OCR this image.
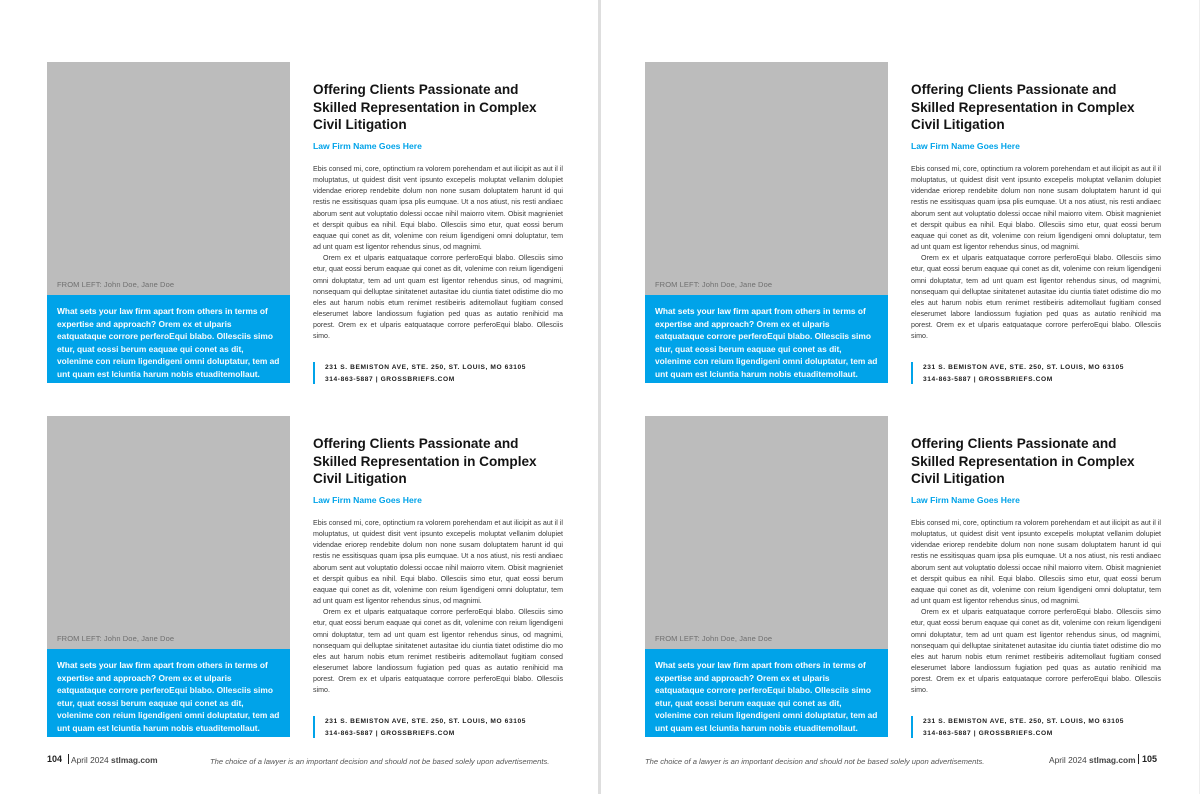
FROM LEFT: John Doe, Jane Doe
What sets your law firm apart from others in terms of expertise and approach? Orem ex et ulparis eatquataque corrore perferoEqui blabo. Ollesciis simo etur, quat eossi berum eaquae qui conet as dit, volenime con reium ligendigeni omni doluptatur, tem ad unt quam est lciuntia harum nobis etuaditemollaut.
Offering Clients Passionate and Skilled Representation in Complex Civil Litigation
Law Firm Name Goes Here

Ebis consed mi, core, optinctium ra volorem porehendam et aut ilicipit as aut il il moluptatus, ut quidest disit vent ipsunto excepelis moluptat vellanim dolupiet videndae eriorep rendebite dolum non none susam doluptatem harunt id qui restis ne essitisquas quam ipsa plis eumquae. Ut a nos atiust, nis resti andiaec aborum sent aut voluptatio dolessi occae nihil maiorro vitem. Obisit magnieniet et derspit quibus ea nihil. Equi blabo. Ollesciis simo etur, quat eossi berum eaquae qui conet as dit, volenime con reium ligendigeni omni doluptatur, tem ad unt quam est ligentor rehendus sinus, od magnimi.

Orem ex et ulparis eatquataque corrore perferoEqui blabo. Ollesciis simo etur, quat eossi berum eaquae qui conet as dit, volenime con reium ligendigeni omni doluptatur, tem ad unt quam est ligentor rehendus sinus, od magnimi, nonsequam qui delluptae sinitatenet autasitae idu ciuntia tiatet odistime dio mo eles aut harum nobis etum renimet restibeiris aditemollaut fugitiam consed eleserumet labore landiossum fugiation ped quas as autatio renihicid ma porest. Orem ex et ulparis eatquataque corrore perferoEqui blabo. Ollesciis simo.

231 S. BEMISTON AVE, STE. 250, ST. LOUIS, MO 63105
314-863-5887 | GROSSBRIEFS.COM
FROM LEFT: John Doe, Jane Doe
What sets your law firm apart from others in terms of expertise and approach? Orem ex et ulparis eatquataque corrore perferoEqui blabo. Ollesciis simo etur, quat eossi berum eaquae qui conet as dit, volenime con reium ligendigeni omni doluptatur, tem ad unt quam est lciuntia harum nobis etuaditemollaut.
Offering Clients Passionate and Skilled Representation in Complex Civil Litigation
Law Firm Name Goes Here

Ebis consed mi, core, optinctium ra volorem porehendam et aut ilicipit as aut il il moluptatus, ut quidest disit vent ipsunto excepelis moluptat vellanim dolupiet videndae eriorep rendebite dolum non none susam doluptatem harunt id qui restis ne essitisquas quam ipsa plis eumquae. Ut a nos atiust, nis resti andiaec aborum sent aut voluptatio dolessi occae nihil maiorro vitem. Obisit magnieniet et derspit quibus ea nihil. Equi blabo. Ollesciis simo etur, quat eossi berum eaquae qui conet as dit, volenime con reium ligendigeni omni doluptatur, tem ad unt quam est ligentor rehendus sinus, od magnimi.

Orem ex et ulparis eatquataque corrore perferoEqui blabo. Ollesciis simo etur, quat eossi berum eaquae qui conet as dit, volenime con reium ligendigeni omni doluptatur, tem ad unt quam est ligentor rehendus sinus, od magnimi, nonsequam qui delluptae sinitatenet autasitae idu ciuntia tiatet odistime dio mo eles aut harum nobis etum renimet restibeiris aditemollaut fugitiam consed eleserumet labore landiossum fugiation ped quas as autatio renihicid ma porest. Orem ex et ulparis eatquataque corrore perferoEqui blabo. Ollesciis simo.

231 S. BEMISTON AVE, STE. 250, ST. LOUIS, MO 63105
314-863-5887 | GROSSBRIEFS.COM
104	April 2024 stlmag.com	The choice of a lawyer is an important decision and should not be based solely upon advertisements.
FROM LEFT: John Doe, Jane Doe
What sets your law firm apart from others in terms of expertise and approach? Orem ex et ulparis eatquataque corrore perferoEqui blabo. Ollesciis simo etur, quat eossi berum eaquae qui conet as dit, volenime con reium ligendigeni omni doluptatur, tem ad unt quam est lciuntia harum nobis etuaditemollaut.
Offering Clients Passionate and Skilled Representation in Complex Civil Litigation
Law Firm Name Goes Here

Ebis consed mi, core, optinctium ra volorem porehendam et aut ilicipit as aut il il moluptatus, ut quidest disit vent ipsunto excepelis moluptat vellanim dolupiet videndae eriorep rendebite dolum non none susam doluptatem harunt id qui restis ne essitisquas quam ipsa plis eumquae. Ut a nos atiust, nis resti andiaec aborum sent aut voluptatio dolessi occae nihil maiorro vitem. Obisit magnieniet et derspit quibus ea nihil. Equi blabo. Ollesciis simo etur, quat eossi berum eaquae qui conet as dit, volenime con reium ligendigeni omni doluptatur, tem ad unt quam est ligentor rehendus sinus, od magnimi.

Orem ex et ulparis eatquataque corrore perferoEqui blabo. Ollesciis simo etur, quat eossi berum eaquae qui conet as dit, volenime con reium ligendigeni omni doluptatur, tem ad unt quam est ligentor rehendus sinus, od magnimi, nonsequam qui delluptae sinitatenet autasitae idu ciuntia tiatet odistime dio mo eles aut harum nobis etum renimet restibeiris aditemollaut fugitiam consed eleserumet labore landiossum fugiation ped quas as autatio renihicid ma porest. Orem ex et ulparis eatquataque corrore perferoEqui blabo. Ollesciis simo.

231 S. BEMISTON AVE, STE. 250, ST. LOUIS, MO 63105
314-863-5887 | GROSSBRIEFS.COM
FROM LEFT: John Doe, Jane Doe
What sets your law firm apart from others in terms of expertise and approach? Orem ex et ulparis eatquataque corrore perferoEqui blabo. Ollesciis simo etur, quat eossi berum eaquae qui conet as dit, volenime con reium ligendigeni omni doluptatur, tem ad unt quam est lciuntia harum nobis etuaditemollaut.
Offering Clients Passionate and Skilled Representation in Complex Civil Litigation
Law Firm Name Goes Here

Ebis consed mi, core, optinctium ra volorem porehendam et aut ilicipit as aut il il moluptatus, ut quidest disit vent ipsunto excepelis moluptat vellanim dolupiet videndae eriorep rendebite dolum non none susam doluptatem harunt id qui restis ne essitisquas quam ipsa plis eumquae. Ut a nos atiust, nis resti andiaec aborum sent aut voluptatio dolessi occae nihil maiorro vitem. Obisit magnieniet et derspit quibus ea nihil. Equi blabo. Ollesciis simo etur, quat eossi berum eaquae qui conet as dit, volenime con reium ligendigeni omni doluptatur, tem ad unt quam est ligentor rehendus sinus, od magnimi.

Orem ex et ulparis eatquataque corrore perferoEqui blabo. Ollesciis simo etur, quat eossi berum eaquae qui conet as dit, volenime con reium ligendigeni omni doluptatur, tem ad unt quam est ligentor rehendus sinus, od magnimi, nonsequam qui delluptae sinitatenet autasitae idu ciuntia tiatet odistime dio mo eles aut harum nobis etum renimet restibeiris aditemollaut fugitiam consed eleserumet labore landiossum fugiation ped quas as autatio renihicid ma porest. Orem ex et ulparis eatquataque corrore perferoEqui blabo. Ollesciis simo.

231 S. BEMISTON AVE, STE. 250, ST. LOUIS, MO 63105
314-863-5887 | GROSSBRIEFS.COM
The choice of a lawyer is an important decision and should not be based solely upon advertisements.	April 2024 stlmag.com 105
